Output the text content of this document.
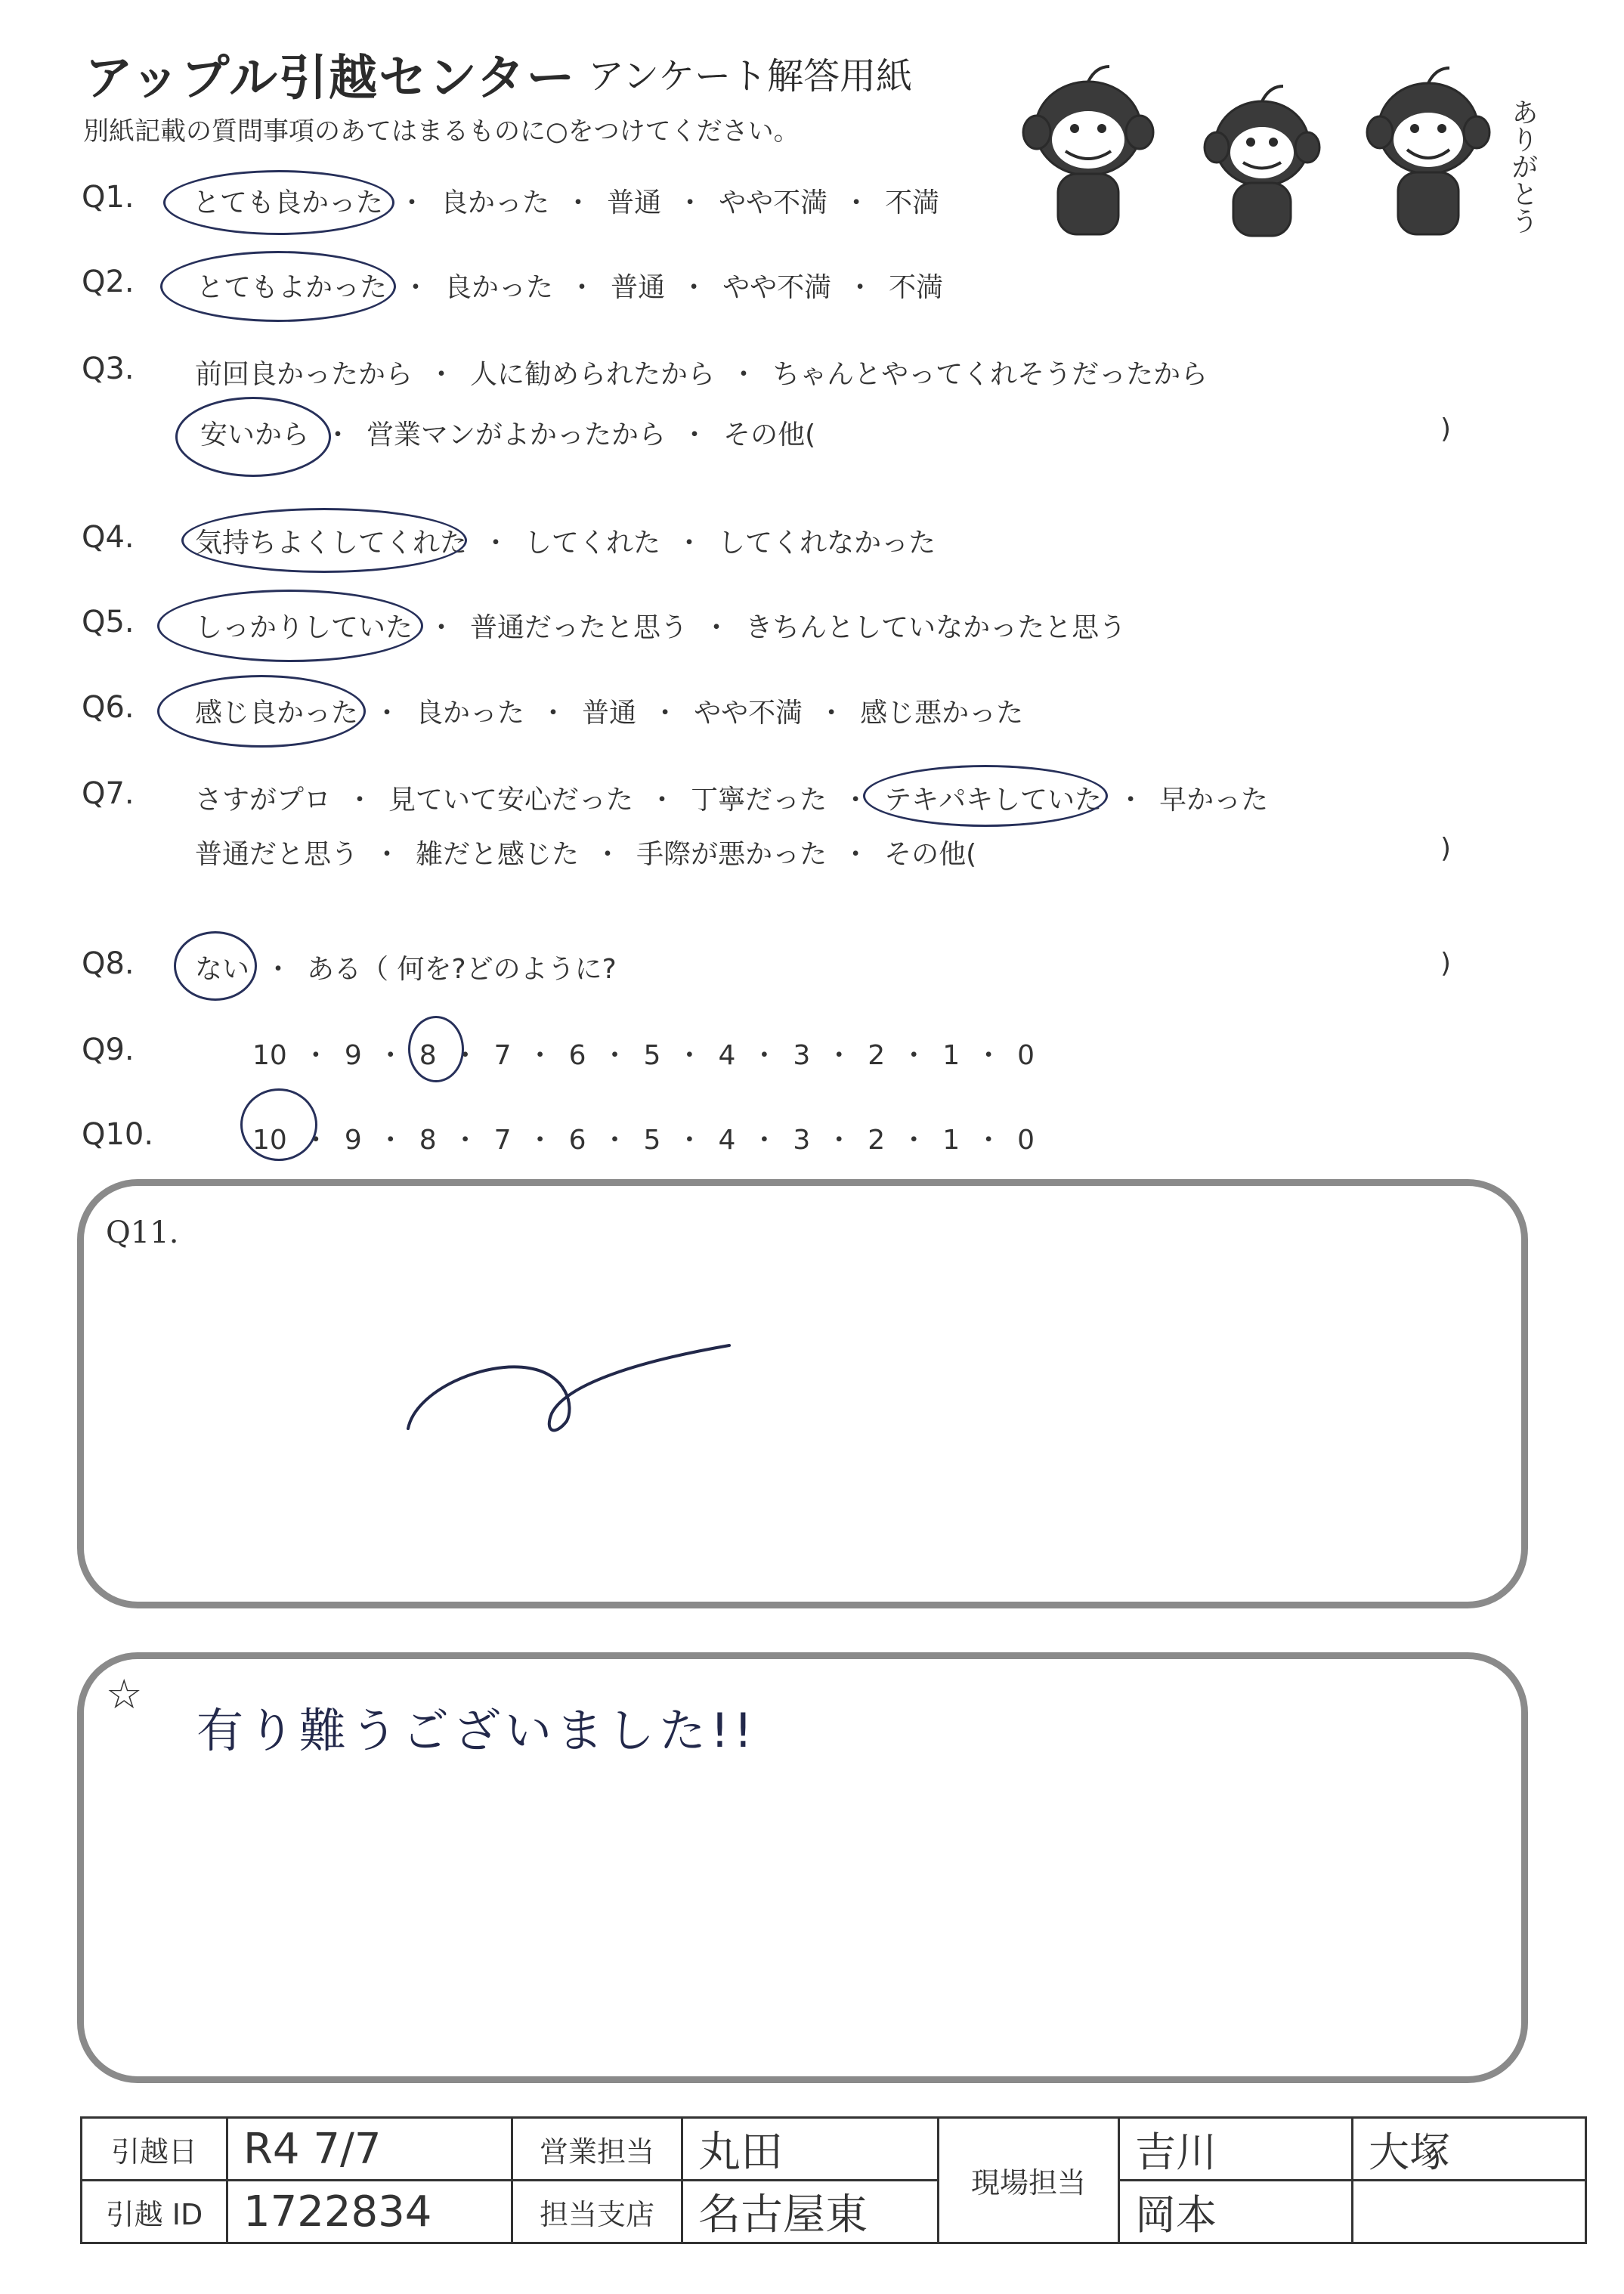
アップル引越センター アンケート解答用紙
別紙記載の質問事項のあてはまるものに○をつけてください。	ありがとう
Q1. とても良かった ・ 良かった ・ 普通 ・ やや不満 ・ 不満
Q2. とてもよかった ・ 良かった ・ 普通 ・ やや不満 ・ 不満
Q3. 前回良かったから ・ 人に勧められたから ・ ちゃんとやってくれそうだったから
安いから ・ 営業マンがよかったから ・ その他(	)
Q4. 気持ちよくしてくれた ・ してくれた ・ してくれなかった
Q5. しっかりしていた ・ 普通だったと思う ・ きちんとしていなかったと思う
Q6. 感じ良かった ・ 良かった ・ 普通 ・ やや不満 ・ 感じ悪かった
Q7. さすがプロ ・ 見ていて安心だった ・ 丁寧だった ・ テキパキしていた ・ 早かった
普通だと思う ・ 雑だと感じた ・ 手際が悪かった ・ その他(	)
Q8. ない ・ ある（ 何を?どのように?	)
Q9.	10 ・ 9 ・ 8 ・ 7 ・ 6 ・ 5 ・ 4 ・ 3 ・ 2 ・ 1 ・ 0
Q10.	10 ・ 9 ・ 8 ・ 7 ・ 6 ・ 5 ・ 4 ・ 3 ・ 2 ・ 1 ・ 0
Q11.
☆
有り難うございました!!
引越日	R4 7/7	営業担当	丸田	現場担当	吉川	大塚
引越 ID	1722834	担当支店	名古屋東		岡本	
